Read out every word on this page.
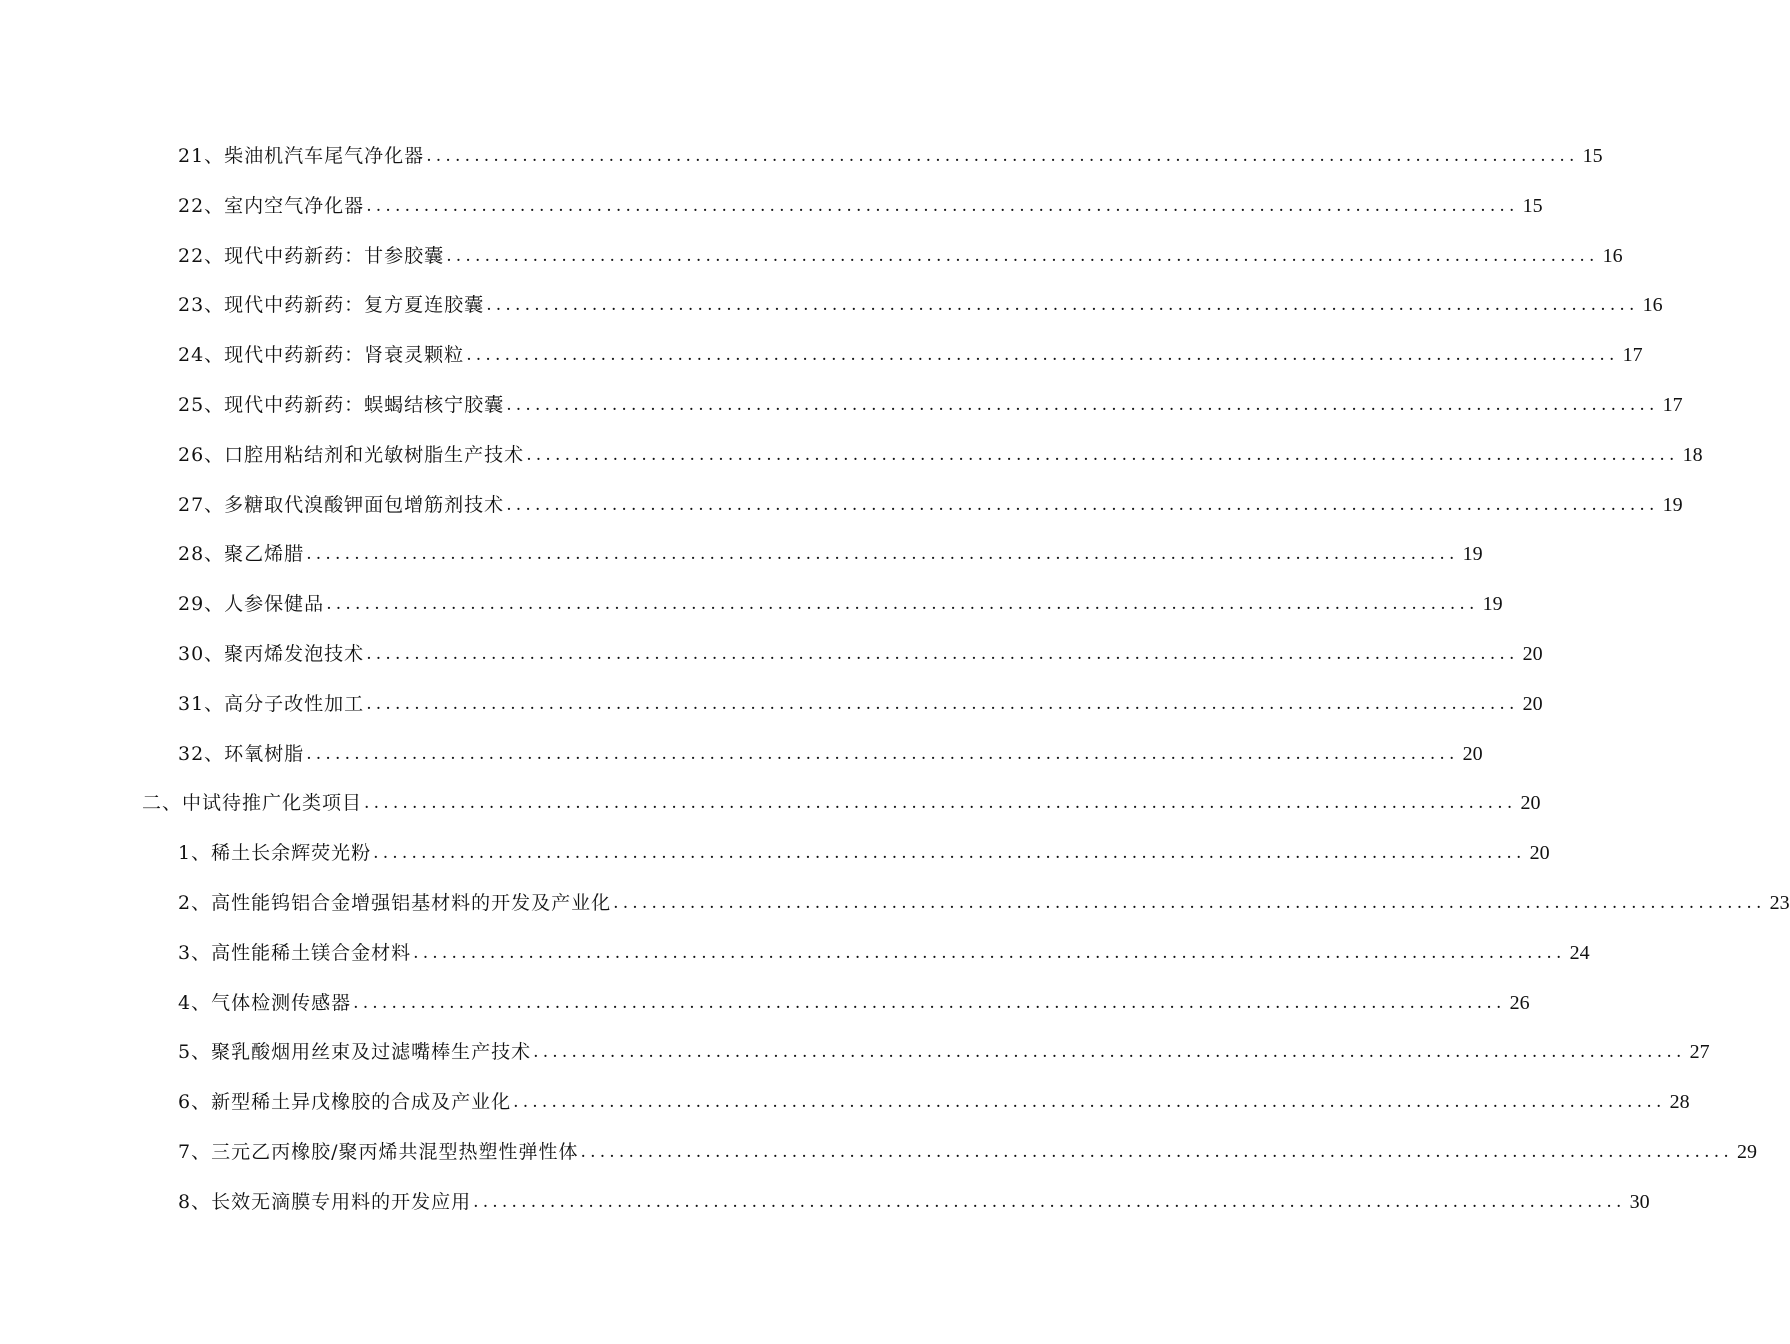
21、柴油机汽车尾气净化器 ........................................................................................................................ 15
22、室内空气净化器 ........................................................................................................................ 15
22、现代中药新药：甘参胶囊 ........................................................................................................................ 16
23、现代中药新药：复方夏连胶囊 ........................................................................................................................ 16
24、现代中药新药：肾衰灵颗粒 ........................................................................................................................ 17
25、现代中药新药：蜈蝎结核宁胶囊 ........................................................................................................................ 17
26、口腔用粘结剂和光敏树脂生产技术 ........................................................................................................................ 18
27、多糖取代溴酸钾面包增筋剂技术 ........................................................................................................................ 19
28、聚乙烯腊 ........................................................................................................................ 19
29、人参保健品 ........................................................................................................................ 19
30、聚丙烯发泡技术 ........................................................................................................................ 20
31、高分子改性加工 ........................................................................................................................ 20
32、环氧树脂 ........................................................................................................................ 20
二、中试待推广化类项目 ........................................................................................................................ 20
1、稀土长余辉荧光粉 ........................................................................................................................ 20
2、高性能钨铝合金增强铝基材料的开发及产业化 ........................................................................................................................ 23
3、高性能稀土镁合金材料 ........................................................................................................................ 24
4、气体检测传感器 ........................................................................................................................ 26
5、聚乳酸烟用丝束及过滤嘴棒生产技术 ........................................................................................................................ 27
6、新型稀土异戊橡胶的合成及产业化 ........................................................................................................................ 28
7、三元乙丙橡胶/聚丙烯共混型热塑性弹性体 ........................................................................................................................ 29
8、长效无滴膜专用料的开发应用 ........................................................................................................................ 30
